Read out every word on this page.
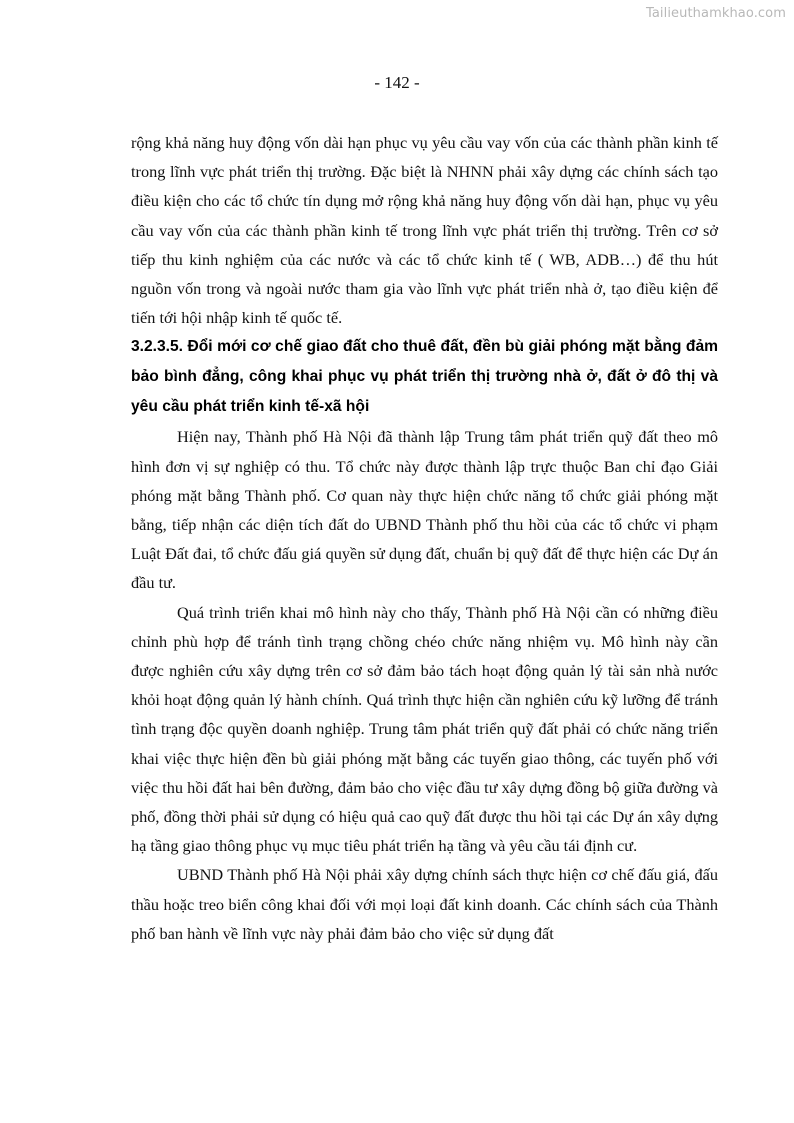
Tailieuthamkhao.com
- 142 -

rộng khả năng huy động vốn dài hạn phục vụ yêu cầu vay vốn của các thành phần kinh tế trong lĩnh vực phát triển thị trường. Đặc biệt là NHNN phải xây dựng các chính sách tạo điều kiện cho các tổ chức tín dụng mở rộng khả năng huy động vốn dài hạn, phục vụ yêu cầu vay vốn của các thành phần kinh tế trong lĩnh vực phát triển thị trường. Trên cơ sở tiếp thu kinh nghiệm của các nước và các tổ chức kinh tế ( WB, ADB…) để thu hút nguồn vốn trong và ngoài nước tham gia vào lĩnh vực phát triển nhà ở, tạo điều kiện để tiến tới hội nhập kinh tế quốc tế.

3.2.3.5. Đổi mới cơ chế giao đất cho thuê đất, đền bù giải phóng mặt bằng đảm bảo bình đẳng, công khai phục vụ phát triển thị trường nhà ở, đất ở đô thị và yêu cầu phát triển kinh tế-xã hội

Hiện nay, Thành phố Hà Nội đã thành lập Trung tâm phát triển quỹ đất theo mô hình đơn vị sự nghiệp có thu. Tổ chức này được thành lập trực thuộc Ban chỉ đạo Giải phóng mặt bằng Thành phố. Cơ quan này thực hiện chức năng tổ chức giải phóng mặt bằng, tiếp nhận các diện tích đất do UBND Thành phố thu hồi của các tổ chức vi phạm Luật Đất đai, tổ chức đấu giá quyền sử dụng đất, chuẩn bị quỹ đất để thực hiện các Dự án đầu tư.

Quá trình triển khai mô hình này cho thấy, Thành phố Hà Nội cần có những điều chỉnh phù hợp để tránh tình trạng chồng chéo chức năng nhiệm vụ. Mô hình này cần được nghiên cứu xây dựng trên cơ sở đảm bảo tách hoạt động quản lý tài sản nhà nước khỏi hoạt động quản lý hành chính. Quá trình thực hiện cần nghiên cứu kỹ lưỡng để tránh tình trạng độc quyền doanh nghiệp. Trung tâm phát triển quỹ đất phải có chức năng triển khai việc thực hiện đền bù giải phóng mặt bằng các tuyến giao thông, các tuyến phố với việc thu hồi đất hai bên đường, đảm bảo cho việc đầu tư xây dựng đồng bộ giữa đường và phố, đồng thời phải sử dụng có hiệu quả cao quỹ đất được thu hồi tại các Dự án xây dựng hạ tầng giao thông phục vụ mục tiêu phát triển hạ tầng và yêu cầu tái định cư.

UBND Thành phố Hà Nội phải xây dựng chính sách thực hiện cơ chế đấu giá, đấu thầu hoặc treo biển công khai đối với mọi loại đất kinh doanh. Các chính sách của Thành phố ban hành về lĩnh vực này phải đảm bảo cho việc sử dụng đất
